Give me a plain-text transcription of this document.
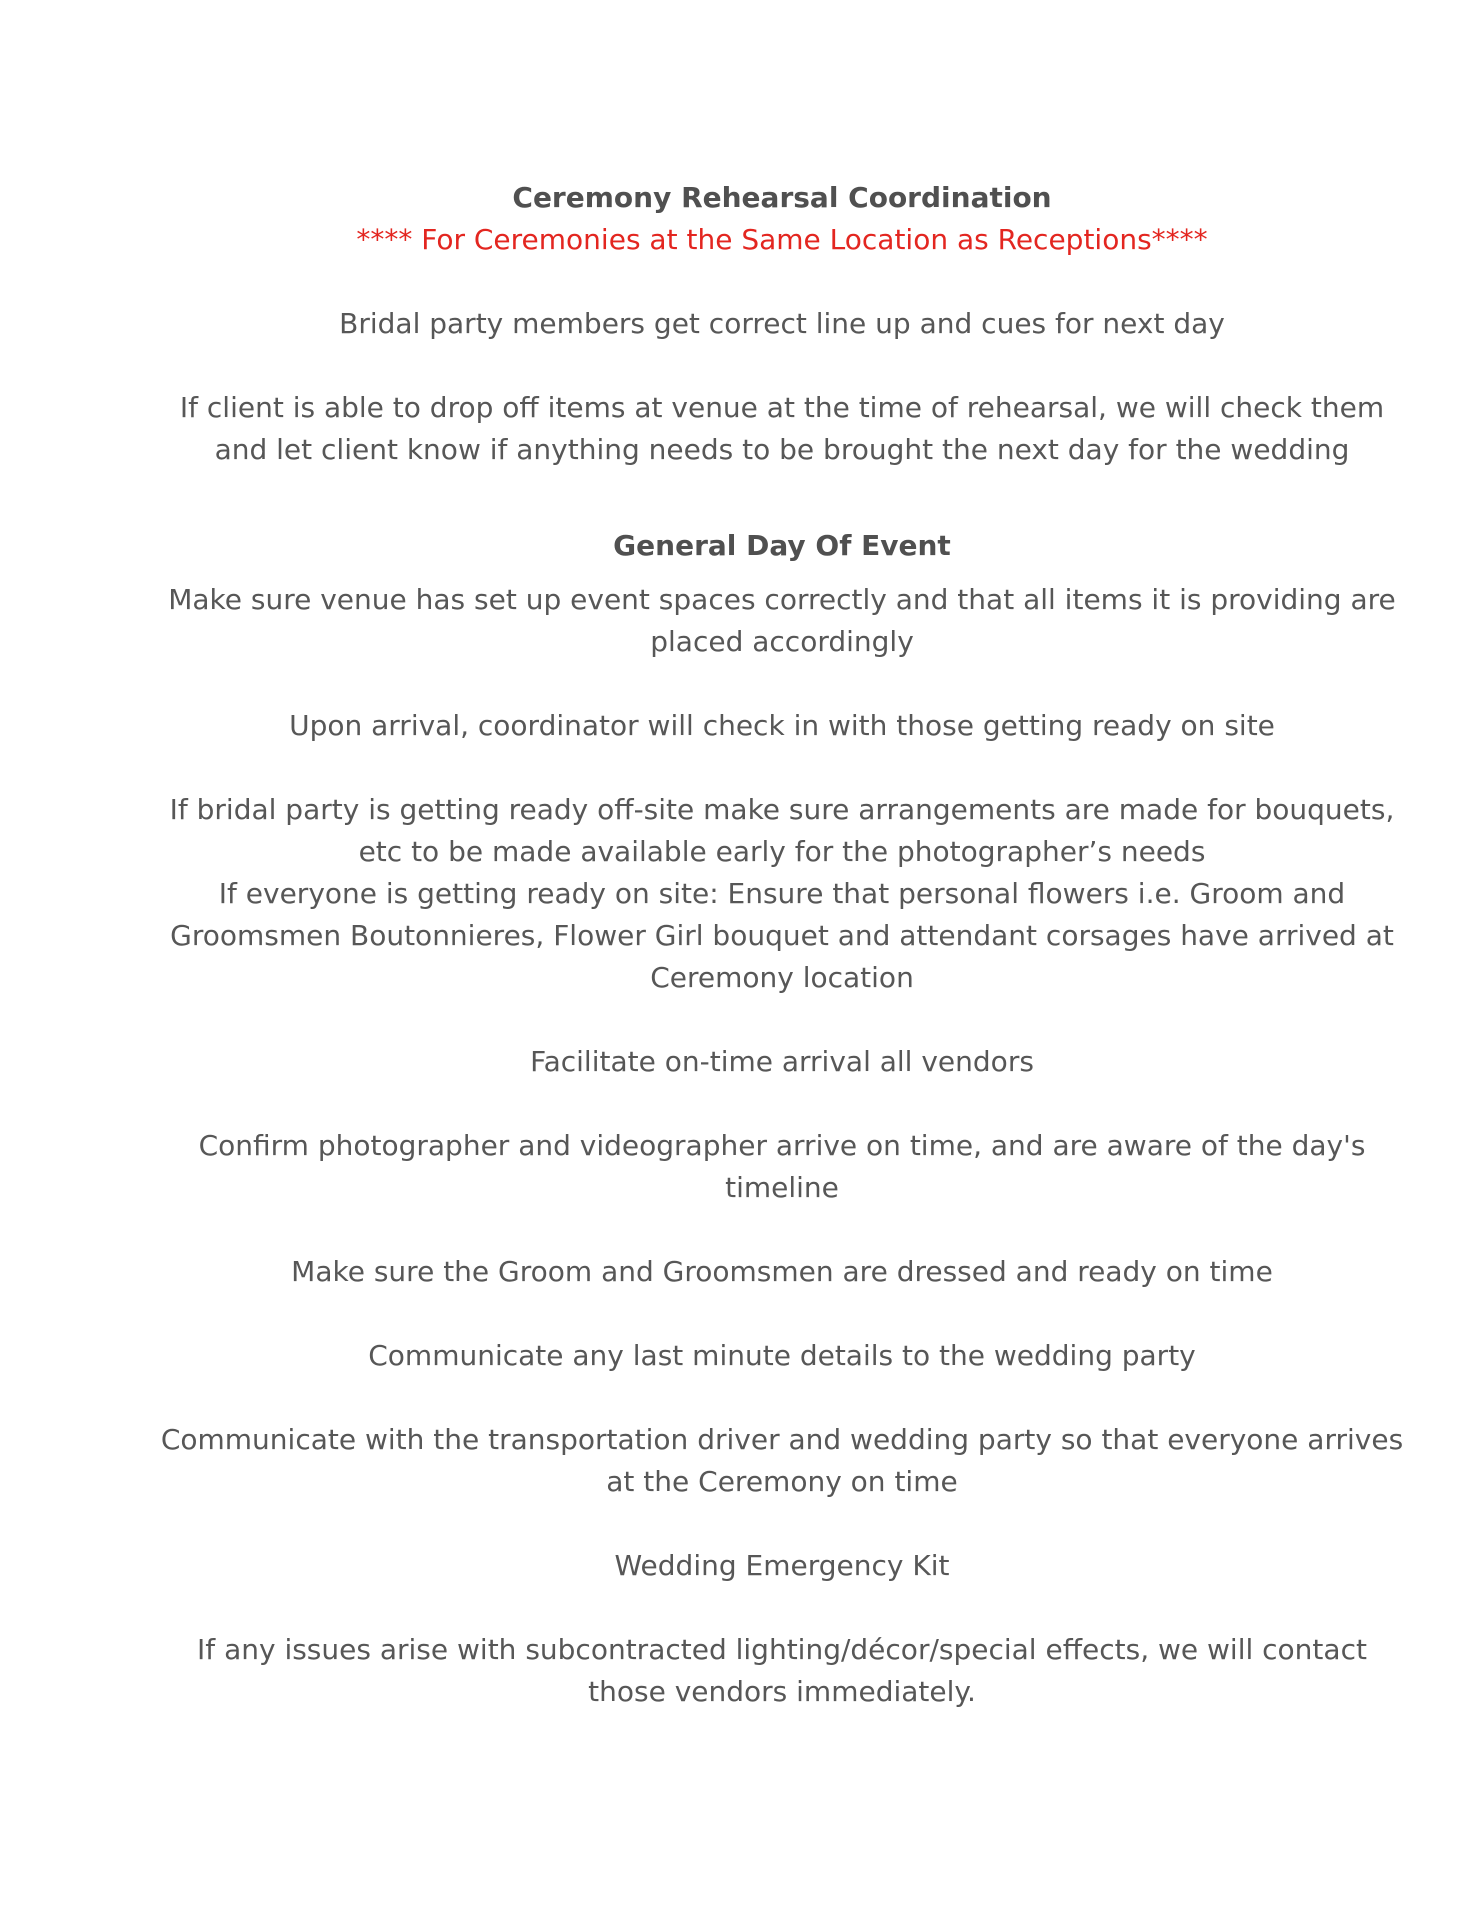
Ceremony Rehearsal Coordination

**** For Ceremonies at the Same Location as Receptions****

Bridal party members get correct line up and cues for next day

If client is able to drop off items at venue at the time of rehearsal, we will check them and let client know if anything needs to be brought the next day for the wedding

General Day Of Event

Make sure venue has set up event spaces correctly and that all items it is providing are placed accordingly

Upon arrival, coordinator will check in with those getting ready on site

If bridal party is getting ready off-site make sure arrangements are made for bouquets, etc to be made available early for the photographer’s needs

If everyone is getting ready on site: Ensure that personal flowers i.e. Groom and Groomsmen Boutonnieres, Flower Girl bouquet and attendant corsages have arrived at Ceremony location

Facilitate on-time arrival all vendors

Confirm photographer and videographer arrive on time, and are aware of the day's timeline

Make sure the Groom and Groomsmen are dressed and ready on time

Communicate any last minute details to the wedding party

Communicate with the transportation driver and wedding party so that everyone arrives at the Ceremony on time

Wedding Emergency Kit

If any issues arise with subcontracted lighting/décor/special effects, we will contact those vendors immediately.
